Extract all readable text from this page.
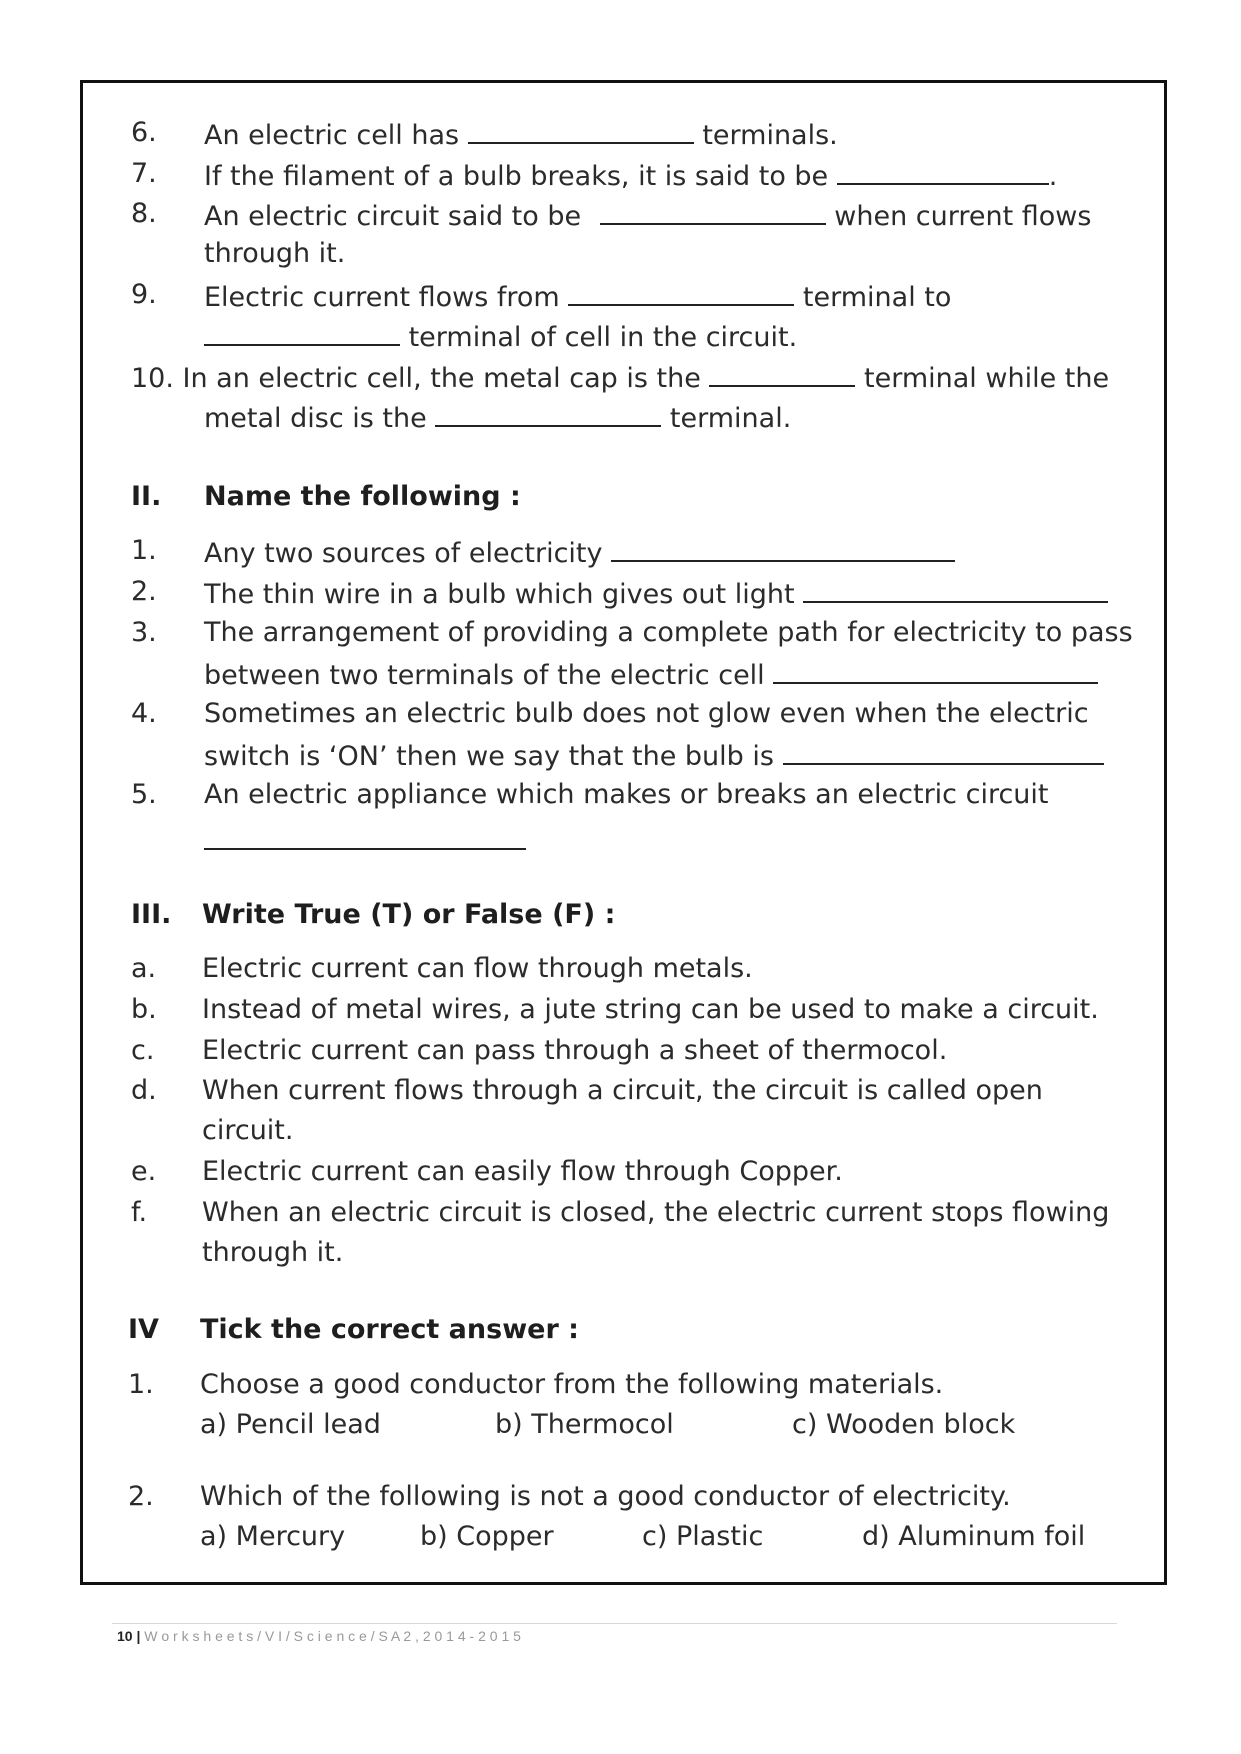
6. An electric cell has	terminals.
7. If the filament of a bulb breaks, it is said to be	.
8. An electric circuit said to be	when current flows
through it.
9. Electric current flows from	terminal to
terminal of cell in the circuit.
10. In an electric cell, the metal cap is the	terminal while the
metal disc is the	terminal.
II. Name the following :
1. Any two sources of electricity
2. The thin wire in a bulb which gives out light
3. The arrangement of providing a complete path for electricity to pass
between two terminals of the electric cell
4. Sometimes an electric bulb does not glow even when the electric
switch is ‘ON’ then we say that the bulb is
5. An electric appliance which makes or breaks an electric circuit
III. Write True (T) or False (F) :
a. Electric current can flow through metals.
b. Instead of metal wires, a jute string can be used to make a circuit.
c. Electric current can pass through a sheet of thermocol.
d. When current flows through a circuit, the circuit is called open
circuit.
e. Electric current can easily flow through Copper.
f. When an electric circuit is closed, the electric current stops flowing
through it.
IV Tick the correct answer :
1. Choose a good conductor from the following materials.
a) Pencil lead	b) Thermocol	c) Wooden block
2. Which of the following is not a good conductor of electricity.
a) Mercury	b) Copper	c) Plastic	d) Aluminum foil
10 | W o r k s h e e t s / V I / S c i e n c e / S A 2 , 2 0 1 4 - 2 0 1 5
